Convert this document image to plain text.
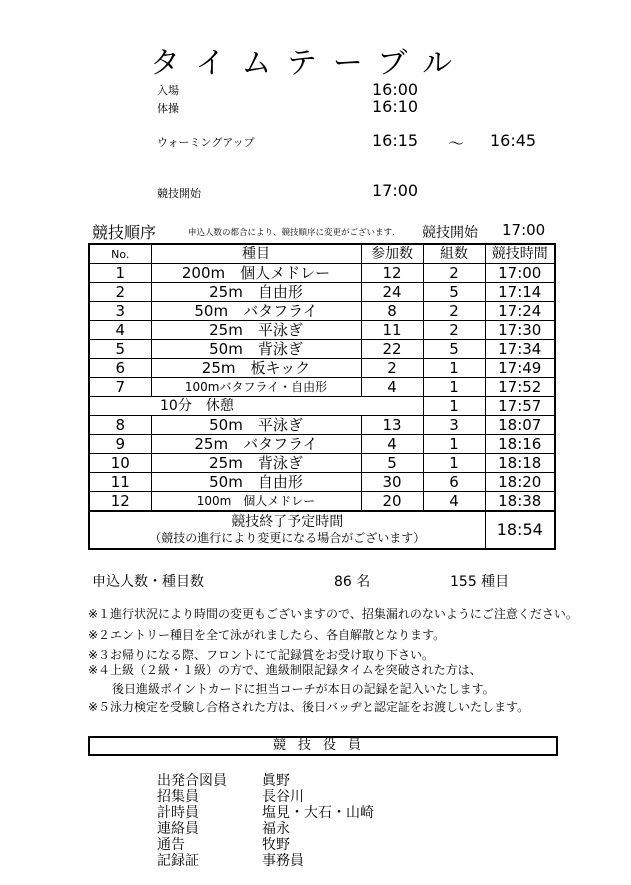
タイムテーブル
入場	16:00
体操	16:10
ウォーミングアップ	16:15 ～ 16:45
競技開始	17:00
競技順序	申込人数の都合により、競技順序に変更がございます. 競技開始 17:00
No.	種目	参加数	組数	競技時間
1	200m　個人メドレー	12	2	17:00
2	25m　自由形	24	5	17:14
3	50m　バタフライ	8	2	17:24
4	25m　平泳ぎ	11	2	17:30
5	50m　背泳ぎ	22	5	17:34
6	25m　板キック	2	1	17:49
7	100mバタフライ・自由形	4	1	17:52
10分　休憩			1	17:57
8	50m　平泳ぎ	13	3	18:07
9	25m　バタフライ	4	1	18:16
10	25m　背泳ぎ	5	1	18:18
11	50m　自由形	30	6	18:20
12	100m　個人メドレー	20	4	18:38

競技終了予定時間
（競技の進行により変更になる場合がございます）				18:54
申込人数・種目数	86 名	155 種目
※１進行状況により時間の変更もございますので、招集漏れのないようにご注意ください。
※２エントリー種目を全て泳がれましたら、各自解散となります。
※３お帰りになる際、フロントにて記録賞をお受け取り下さい。
※４上級（２級・１級）の方で、進級制限記録タイムを突破された方は、
　　後日進級ポイントカードに担当コーチが本日の記録を記入いたします。
※５泳力検定を受験し合格された方は、後日バッヂと認定証をお渡しいたします。
競技役員
出発合図員	眞野
招集員	長谷川
計時員	塩見・大石・山崎
連絡員	福永
通告	牧野
記録証	事務員
